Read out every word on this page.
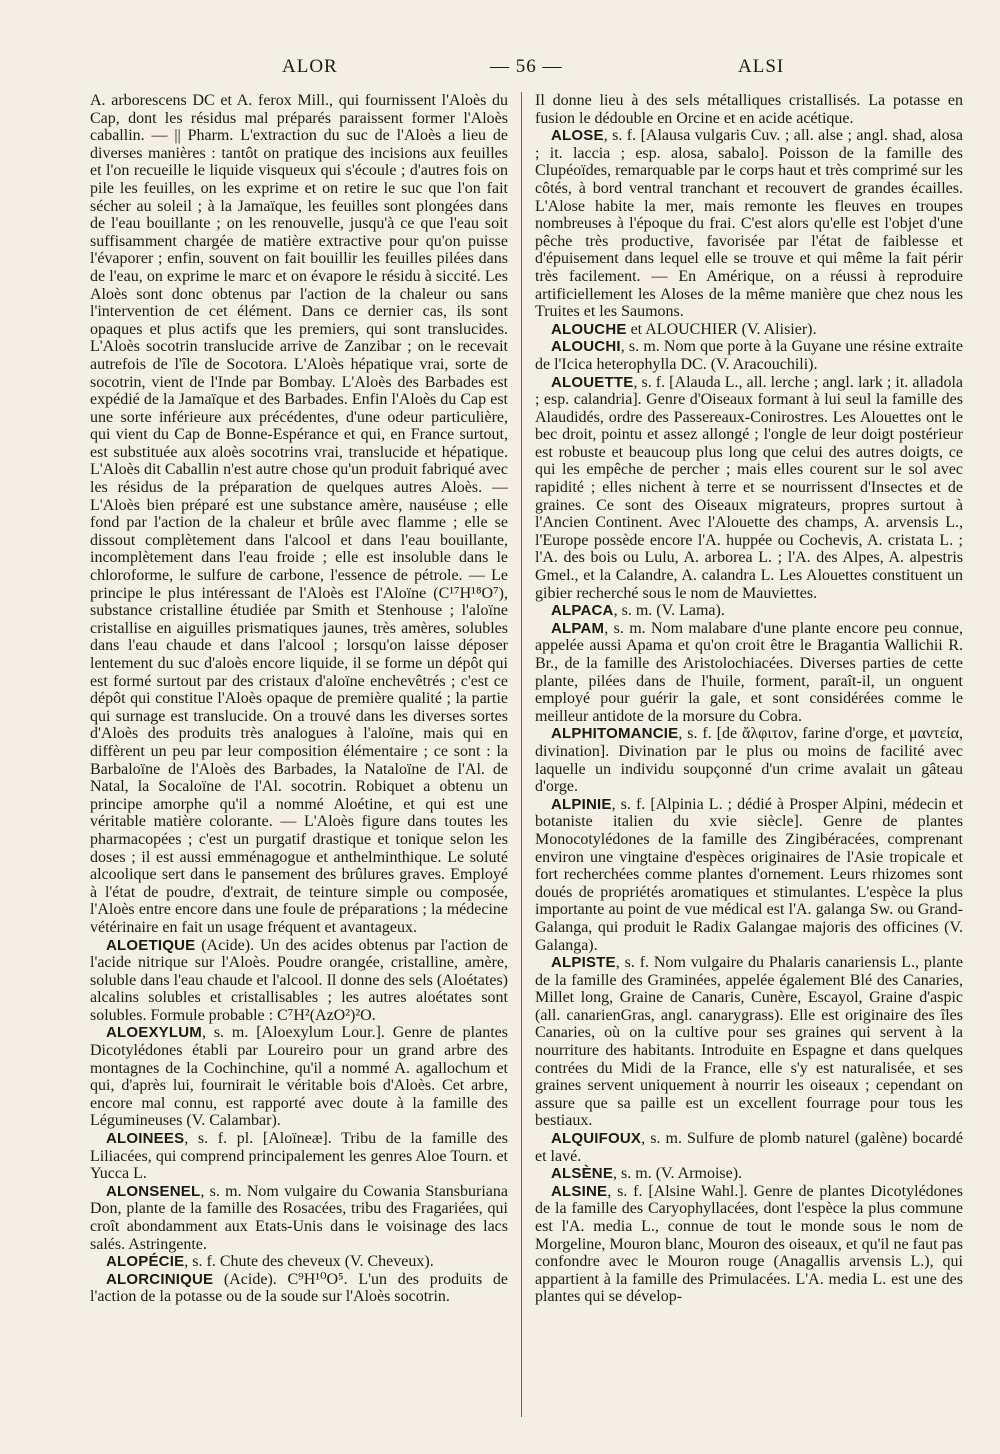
ALOR	— 56 —	ALSI

A. arborescens DC et A. ferox Mill., qui fournissent l'Aloès du Cap, dont les résidus mal préparés paraissent former l'Aloès caballin. — || Pharm. L'extraction du suc de l'Aloès a lieu de diverses manières : tantôt on pratique des incisions aux feuilles et l'on recueille le liquide visqueux qui s'écoule ; d'autres fois on pile les feuilles, on les exprime et on retire le suc que l'on fait sécher au soleil ; à la Jamaïque, les feuilles sont plongées dans de l'eau bouillante ; on les renouvelle, jusqu'à ce que l'eau soit suffisamment chargée de matière extractive pour qu'on puisse l'évaporer ; enfin, souvent on fait bouillir les feuilles pilées dans de l'eau, on exprime le marc et on évapore le résidu à siccité. Les Aloès sont donc obtenus par l'action de la chaleur ou sans l'intervention de cet élément. Dans ce dernier cas, ils sont opaques et plus actifs que les premiers, qui sont translucides. L'Aloès socotrin translucide arrive de Zanzibar ; on le recevait autrefois de l'île de Socotora. L'Aloès hépatique vrai, sorte de socotrin, vient de l'Inde par Bombay. L'Aloès des Barbades est expédié de la Jamaïque et des Barbades. Enfin l'Aloès du Cap est une sorte inférieure aux précédentes, d'une odeur particulière, qui vient du Cap de Bonne-Espérance et qui, en France surtout, est substituée aux aloès socotrins vrai, translucide et hépatique. L'Aloès dit Caballin n'est autre chose qu'un produit fabriqué avec les résidus de la préparation de quelques autres Aloès. — L'Aloès bien préparé est une substance amère, nauséuse ; elle fond par l'action de la chaleur et brûle avec flamme ; elle se dissout complètement dans l'alcool et dans l'eau bouillante, incomplètement dans l'eau froide ; elle est insoluble dans le chloroforme, le sulfure de carbone, l'essence de pétrole. — Le principe le plus intéressant de l'Aloès est l'Aloïne (C¹⁷H¹⁸O⁷), substance cristalline étudiée par Smith et Stenhouse ; l'aloïne cristallise en aiguilles prismatiques jaunes, très amères, solubles dans l'eau chaude et dans l'alcool ; lorsqu'on laisse déposer lentement du suc d'aloès encore liquide, il se forme un dépôt qui est formé surtout par des cristaux d'aloïne enchevêtrés ; c'est ce dépôt qui constitue l'Aloès opaque de première qualité ; la partie qui surnage est translucide. On a trouvé dans les diverses sortes d'Aloès des produits très analogues à l'aloïne, mais qui en diffèrent un peu par leur composition élémentaire ; ce sont : la Barbaloïne de l'Aloès des Barbades, la Nataloïne de l'Al. de Natal, la Socaloïne de l'Al. socotrin. Robiquet a obtenu un principe amorphe qu'il a nommé Aloétine, et qui est une véritable matière colorante. — L'Aloès figure dans toutes les pharmacopées ; c'est un purgatif drastique et tonique selon les doses ; il est aussi emménagogue et anthelminthique. Le soluté alcoolique sert dans le pansement des brûlures graves. Employé à l'état de poudre, d'extrait, de teinture simple ou composée, l'Aloès entre encore dans une foule de préparations ; la médecine vétérinaire en fait un usage fréquent et avantageux.

 ALOETIQUE (Acide). Un des acides obtenus par l'action de l'acide nitrique sur l'Aloès. Poudre orangée, cristalline, amère, soluble dans l'eau chaude et l'alcool. Il donne des sels (Aloétates) alcalins solubles et cristallisables ; les autres aloétates sont solubles. Formule probable : C⁷H²(AzO²)²O.

 ALOEXYLUM, s. m. [Aloexylum Lour.]. Genre de plantes Dicotylédones établi par Loureiro pour un grand arbre des montagnes de la Cochinchine, qu'il a nommé A. agallochum et qui, d'après lui, fournirait le véritable bois d'Aloès. Cet arbre, encore mal connu, est rapporté avec doute à la famille des Légumineuses (V. Calambar).

 ALOINEES, s. f. pl. [Aloïneæ]. Tribu de la famille des Liliacées, qui comprend principalement les genres Aloe Tourn. et Yucca L.

 ALONSENEL, s. m. Nom vulgaire du Cowania Stansburiana Don, plante de la famille des Rosacées, tribu des Fragariées, qui croît abondamment aux Etats-Unis dans le voisinage des lacs salés. Astringente.

 ALOPÉCIE, s. f. Chute des cheveux (V. Cheveux).

 ALORCINIQUE (Acide). C⁹H¹⁰O⁵. L'un des produits de l'action de la potasse ou de la soude sur l'Aloès socotrin.

Il donne lieu à des sels métalliques cristallisés. La potasse en fusion le dédouble en Orcine et en acide acétique.

 ALOSE, s. f. [Alausa vulgaris Cuv. ; all. alse ; angl. shad, alosa ; it. laccia ; esp. alosa, sabalo]. Poisson de la famille des Clupéoïdes, remarquable par le corps haut et très comprimé sur les côtés, à bord ventral tranchant et recouvert de grandes écailles. L'Alose habite la mer, mais remonte les fleuves en troupes nombreuses à l'époque du frai. C'est alors qu'elle est l'objet d'une pêche très productive, favorisée par l'état de faiblesse et d'épuisement dans lequel elle se trouve et qui même la fait périr très facilement. — En Amérique, on a réussi à reproduire artificiellement les Aloses de la même manière que chez nous les Truites et les Saumons.

 ALOUCHE et ALOUCHIER (V. Alisier).

 ALOUCHI, s. m. Nom que porte à la Guyane une résine extraite de l'Icica heterophylla DC. (V. Aracouchili).

 ALOUETTE, s. f. [Alauda L., all. lerche ; angl. lark ; it. alladola ; esp. calandria]. Genre d'Oiseaux formant à lui seul la famille des Alaudidés, ordre des Passereaux-Conirostres. Les Alouettes ont le bec droit, pointu et assez allongé ; l'ongle de leur doigt postérieur est robuste et beaucoup plus long que celui des autres doigts, ce qui les empêche de percher ; mais elles courent sur le sol avec rapidité ; elles nichent à terre et se nourrissent d'Insectes et de graines. Ce sont des Oiseaux migrateurs, propres surtout à l'Ancien Continent. Avec l'Alouette des champs, A. arvensis L., l'Europe possède encore l'A. huppée ou Cochevis, A. cristata L. ; l'A. des bois ou Lulu, A. arborea L. ; l'A. des Alpes, A. alpestris Gmel., et la Calandre, A. calandra L. Les Alouettes constituent un gibier recherché sous le nom de Mauviettes.

 ALPACA, s. m. (V. Lama).

 ALPAM, s. m. Nom malabare d'une plante encore peu connue, appelée aussi Apama et qu'on croit être le Bragantia Wallichii R. Br., de la famille des Aristolochiacées. Diverses parties de cette plante, pilées dans de l'huile, forment, paraît-il, un onguent employé pour guérir la gale, et sont considérées comme le meilleur antidote de la morsure du Cobra.

 ALPHITOMANCIE, s. f. [de ἄλφιτον, farine d'orge, et μαντεία, divination]. Divination par le plus ou moins de facilité avec laquelle un individu soupçonné d'un crime avalait un gâteau d'orge.

 ALPINIE, s. f. [Alpinia L. ; dédié à Prosper Alpini, médecin et botaniste italien du xvie siècle]. Genre de plantes Monocotylédones de la famille des Zingibéracées, comprenant environ une vingtaine d'espèces originaires de l'Asie tropicale et fort recherchées comme plantes d'ornement. Leurs rhizomes sont doués de propriétés aromatiques et stimulantes. L'espèce la plus importante au point de vue médical est l'A. galanga Sw. ou Grand-Galanga, qui produit le Radix Galangae majoris des officines (V. Galanga).

 ALPISTE, s. f. Nom vulgaire du Phalaris canariensis L., plante de la famille des Graminées, appelée également Blé des Canaries, Millet long, Graine de Canaris, Cunère, Escayol, Graine d'aspic (all. canarienGras, angl. canarygrass). Elle est originaire des îles Canaries, où on la cultive pour ses graines qui servent à la nourriture des habitants. Introduite en Espagne et dans quelques contrées du Midi de la France, elle s'y est naturalisée, et ses graines servent uniquement à nourrir les oiseaux ; cependant on assure que sa paille est un excellent fourrage pour tous les bestiaux.

 ALQUIFOUX, s. m. Sulfure de plomb naturel (galène) bocardé et lavé.

 ALSÈNE, s. m. (V. Armoise).

 ALSINE, s. f. [Alsine Wahl.]. Genre de plantes Dicotylédones de la famille des Caryophyllacées, dont l'espèce la plus commune est l'A. media L., connue de tout le monde sous le nom de Morgeline, Mouron blanc, Mouron des oiseaux, et qu'il ne faut pas confondre avec le Mouron rouge (Anagallis arvensis L.), qui appartient à la famille des Primulacées. L'A. media L. est une des plantes qui se dévelop-
